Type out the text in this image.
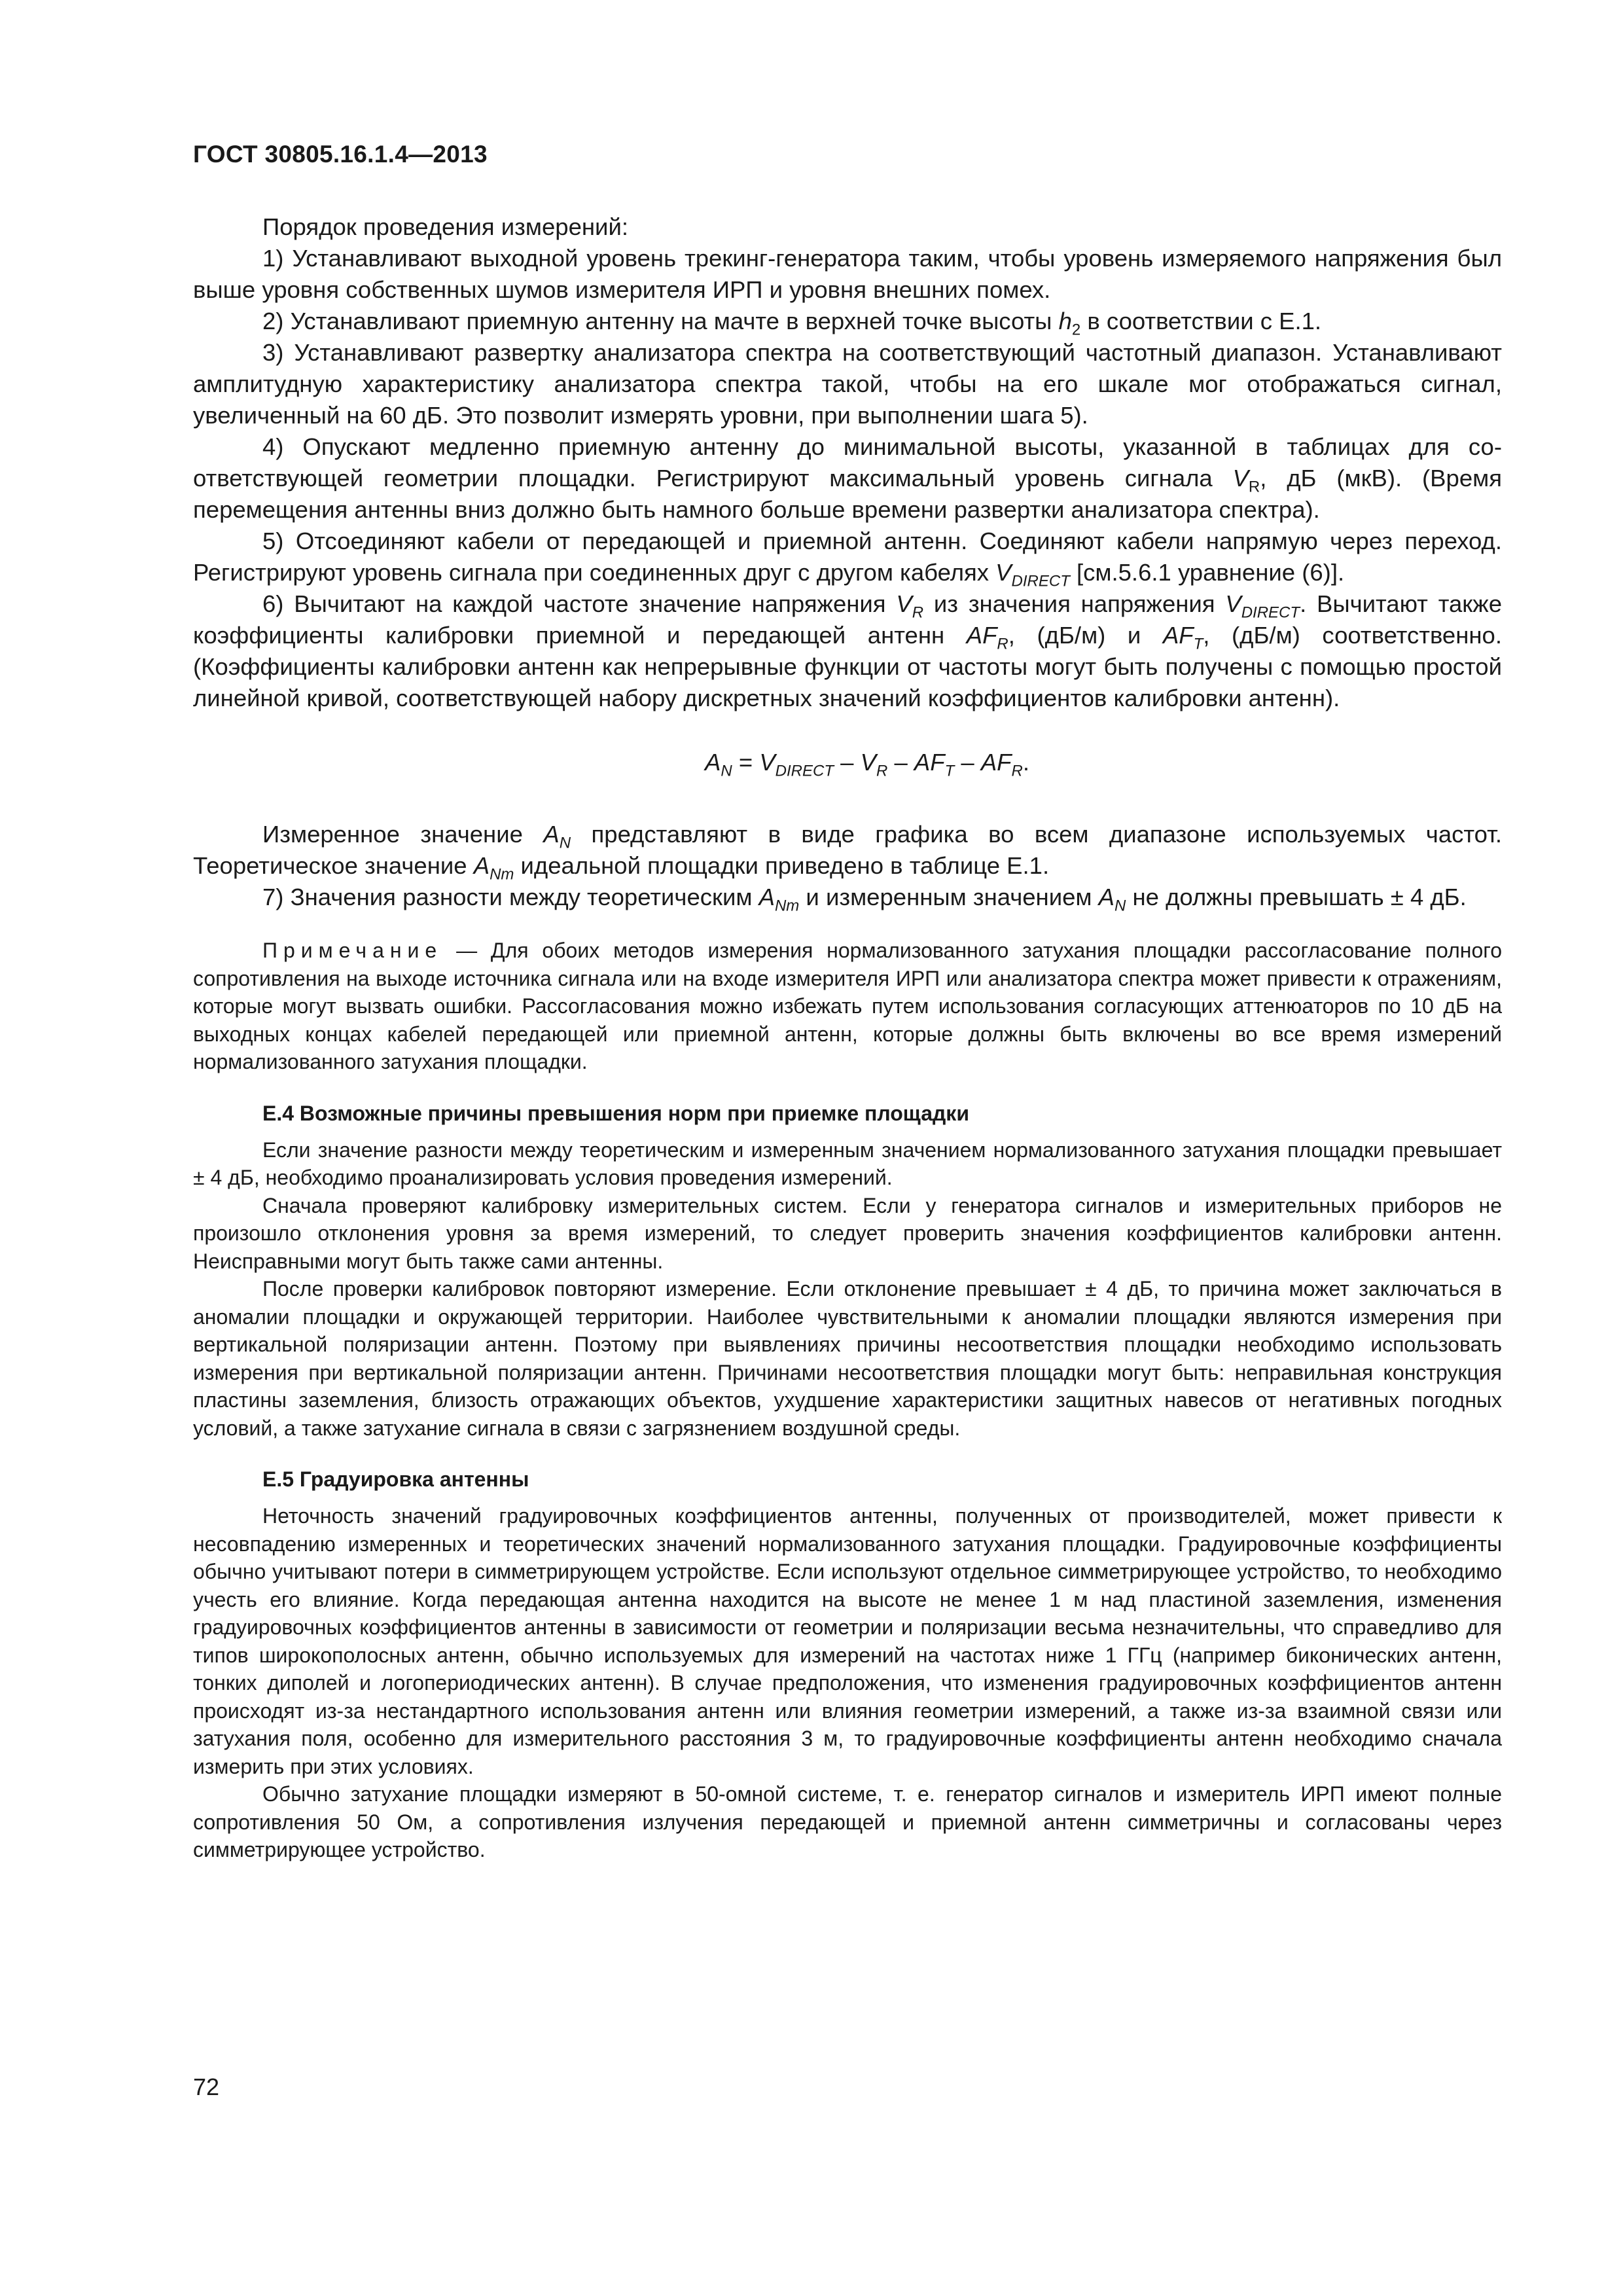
ГОСТ 30805.16.1.4—2013

Порядок проведения измерений:

1) Устанавливают выходной уровень трекинг-генератора таким, чтобы уровень измеряемого напряжения был выше уровня собственных шумов измерителя ИРП и уровня внешних помех.

2) Устанавливают приемную антенну на мачте в верхней точке высоты $h_2$ в соответствии с Е.1.

3) Устанавливают развертку анализатора спектра на соответствующий частотный диапазон. Устанавливают амплитудную характеристику анализатора спектра такой, чтобы на его шкале мог отображаться сигнал, увеличенный на 60 дБ. Это позволит измерять уровни, при выполнении шага 5).

4) Опускают медленно приемную антенну до минимальной высоты, указанной в таблицах для соответствующей геометрии площадки. Регистрируют максимальный уровень сигнала $V_R$, дБ (мкВ). (Время перемещения антенны вниз должно быть намного больше времени развертки анализатора спектра).

5) Отсоединяют кабели от передающей и приемной антенн. Соединяют кабели напрямую через переход. Регистрируют уровень сигнала при соединенных друг с другом кабелях $V_{DIRECT}$ [см.5.6.1 уравнение (6)].

6) Вычитают на каждой частоте значение напряжения $V_R$ из значения напряжения $V_{DIRECT}$. Вычитают также коэффициенты калибровки приемной и передающей антенн $AF_R$, (дБ/м) и $AF_T$, (дБ/м) соответственно. (Коэффициенты калибровки антенн как непрерывные функции от частоты могут быть получены с помощью простой линейной кривой, соответствующей набору дискретных значений коэффициентов калибровки антенн).

$A_N = V_{DIRECT} - V_R - AF_T - AF_R$.

Измеренное значение $A_N$ представляют в виде графика во всем диапазоне используемых частот. Теоретическое значение $A_{Nm}$ идеальной площадки приведено в таблице Е.1.

7) Значения разности между теоретическим $A_{Nm}$ и измеренным значением $A_N$ не должны превышать ± 4 дБ.

Примечание — Для обоих методов измерения нормализованного затухания площадки рассогласование полного сопротивления на выходе источника сигнала или на входе измерителя ИРП или анализатора спектра может привести к отражениям, которые могут вызвать ошибки. Рассогласования можно избежать путем использования согласующих аттенюаторов по 10 дБ на выходных концах кабелей передающей или приемной антенн, которые должны быть включены во все время измерений нормализованного затухания площадки.
Е.4 Возможные причины превышения норм при приемке площадки

Если значение разности между теоретическим и измеренным значением нормализованного затухания площадки превышает ± 4 дБ, необходимо проанализировать условия проведения измерений.

Сначала проверяют калибровку измерительных систем. Если у генератора сигналов и измерительных приборов не произошло отклонения уровня за время измерений, то следует проверить значения коэффициентов калибровки антенн. Неисправными могут быть также сами антенны.

После проверки калибровок повторяют измерение. Если отклонение превышает ± 4 дБ, то причина может заключаться в аномалии площадки и окружающей территории. Наиболее чувствительными к аномалии площадки являются измерения при вертикальной поляризации антенн. Поэтому при выявлениях причины несоответствия площадки необходимо использовать измерения при вертикальной поляризации антенн. Причинами несоответствия площадки могут быть: неправильная конструкция пластины заземления, близость отражающих объектов, ухудшение характеристики защитных навесов от негативных погодных условий, а также затухание сигнала в связи с загрязнением воздушной среды.

Е.5 Градуировка антенны

Неточность значений градуировочных коэффициентов антенны, полученных от производителей, может привести к несовпадению измеренных и теоретических значений нормализованного затухания площадки. Градуировочные коэффициенты обычно учитывают потери в симметрирующем устройстве. Если используют отдельное симметрирующее устройство, то необходимо учесть его влияние. Когда передающая антенна находится на высоте не менее 1 м над пластиной заземления, изменения градуировочных коэффициентов антенны в зависимости от геометрии и поляризации весьма незначительны, что справедливо для типов широкополосных антенн, обычно используемых для измерений на частотах ниже 1 ГГц (например биконических антенн, тонких диполей и логопериодических антенн). В случае предположения, что изменения градуировочных коэффициентов антенн происходят из-за нестандартного использования антенн или влияния геометрии измерений, а также из-за взаимной связи или затухания поля, особенно для измерительного расстояния 3 м, то градуировочные коэффициенты антенн необходимо сначала измерить при этих условиях.

Обычно затухание площадки измеряют в 50-омной системе, т. е. генератор сигналов и измеритель ИРП имеют полные сопротивления 50 Ом, а сопротивления излучения передающей и приемной антенн симметричны и согласованы через симметрирующее устройство.

72
